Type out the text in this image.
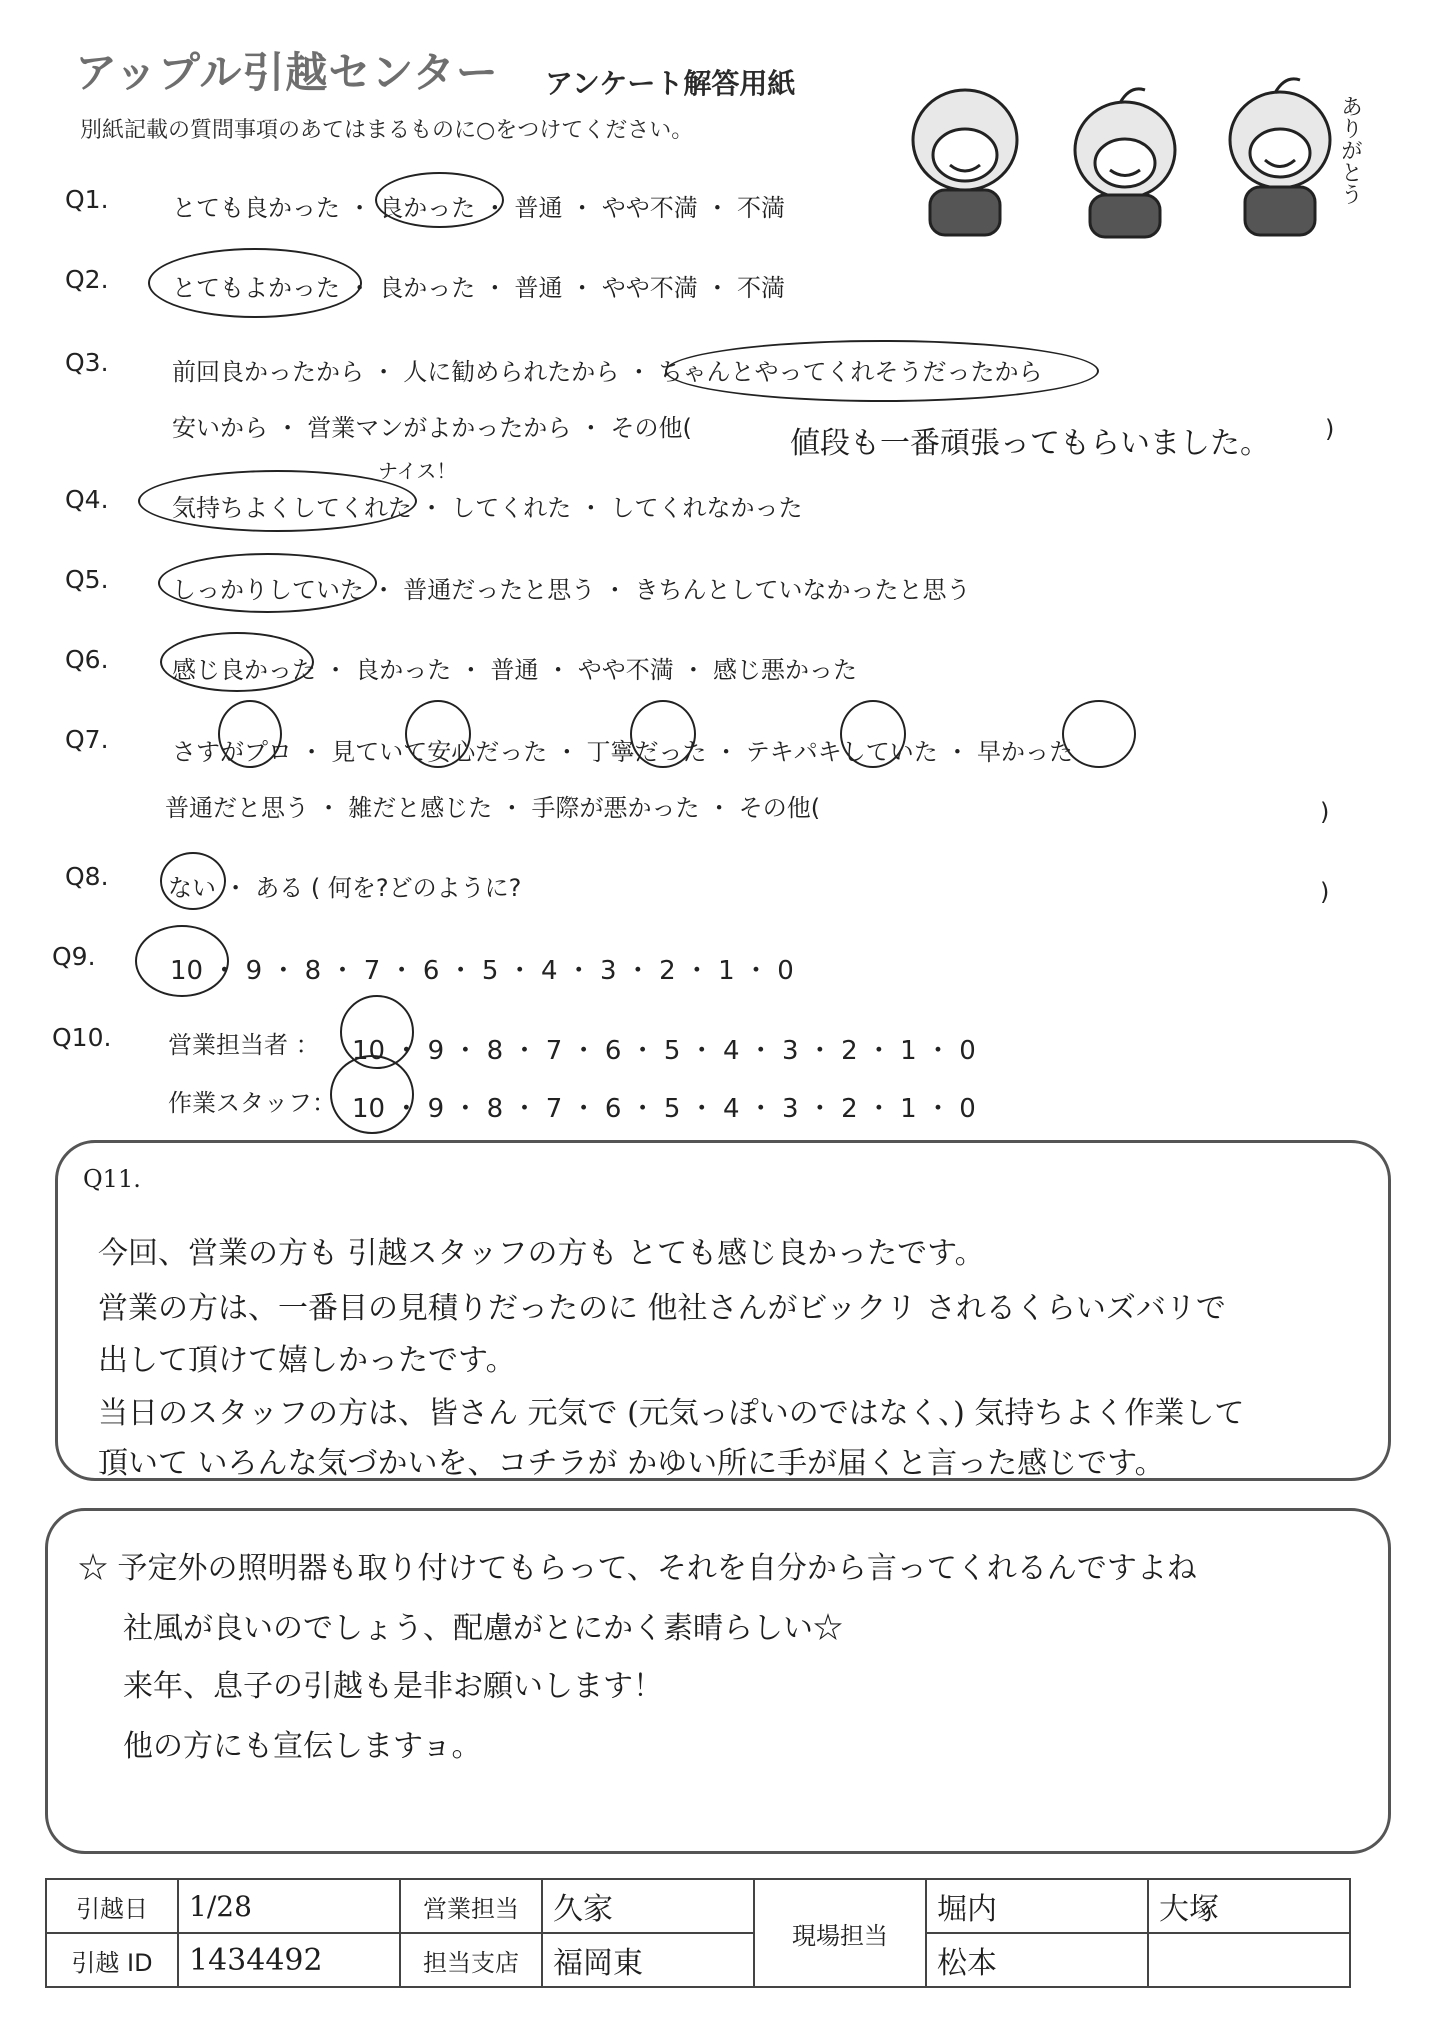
アップル引越センター アンケート解答用紙
別紙記載の質問事項のあてはまるものに○をつけてください。	ありがとう
Q1.	とても良かった ・ 良かった ・ 普通 ・ やや不満 ・ 不満
Q2.	とてもよかった ・ 良かった ・ 普通 ・ やや不満 ・ 不満
Q3.	前回良かったから ・ 人に勧められたから ・ ちゃんとやってくれそうだったから
安いから ・ 営業マンがよかったから ・ その他(	値段も一番頑張ってもらいました。 )
Q4.
ナイス！
気持ちよくしてくれた ・ してくれた ・ してくれなかった
Q5.	しっかりしていた ・ 普通だったと思う ・ きちんとしていなかったと思う
Q6.	感じ良かった ・ 良かった ・ 普通 ・ やや不満 ・ 感じ悪かった
Q7.	さすがプロ ・ 見ていて安心だった ・ 丁寧だった ・ テキパキしていた ・ 早かった
普通だと思う ・ 雑だと感じた ・ 手際が悪かった ・ その他(	)
Q8. ない ・ ある ( 何を?どのように?	)
Q9.	10 ・ 9 ・ 8 ・ 7 ・ 6 ・ 5 ・ 4 ・ 3 ・ 2 ・ 1 ・ 0
Q10. 営業担当者 ： 10 ・ 9 ・ 8 ・ 7 ・ 6 ・ 5 ・ 4 ・ 3 ・ 2 ・ 1 ・ 0
作業スタッフ： 10 ・ 9 ・ 8 ・ 7 ・ 6 ・ 5 ・ 4 ・ 3 ・ 2 ・ 1 ・ 0
Q11.
今回、営業の方も 引越スタッフの方も とても感じ良かったです。
営業の方は、一番目の見積りだったのに 他社さんがビックリ されるくらいズバリで
出して頂けて嬉しかったです。
当日のスタッフの方は、皆さん 元気で (元気っぽいのではなく、) 気持ちよく作業して
頂いて いろんな気づかいを、コチラが かゆい所に手が届くと言った感じです。
☆ 予定外の照明器も取り付けてもらって、それを自分から言ってくれるんですよね
社風が良いのでしょう、配慮がとにかく素晴らしい☆
来年、息子の引越も是非お願いします！
他の方にも宣伝しますョ。
引越日	1/28	営業担当	久家	現場担当	堀内	大塚
引越 ID	1434492	担当支店	福岡東		松本	
